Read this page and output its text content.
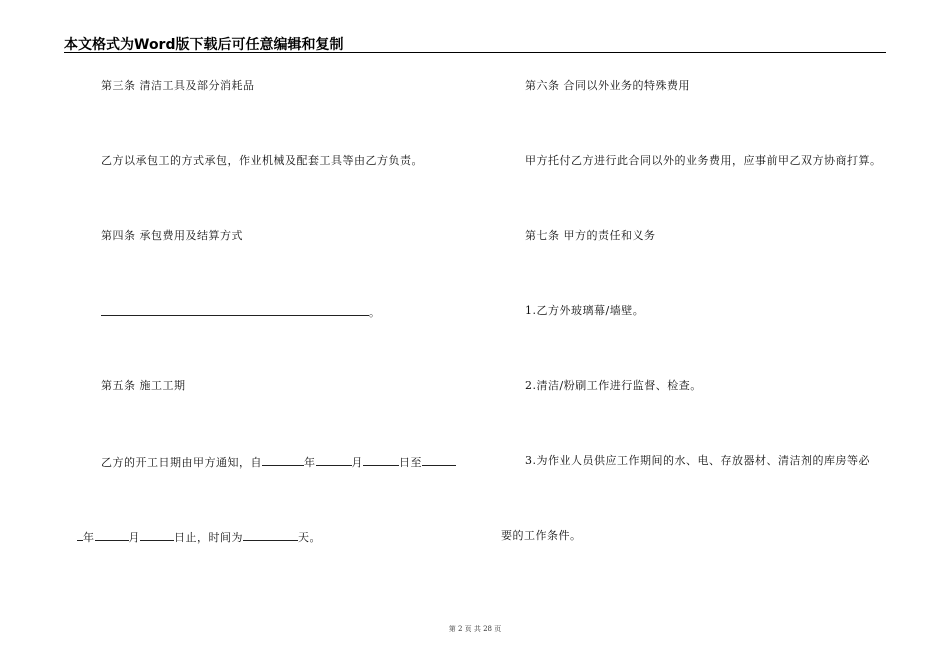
本文格式为Word版下载后可任意编辑和复制
第三条 清洁工具及部分消耗品
乙方以承包工的方式承包，作业机械及配套工具等由乙方负责。
第四条 承包费用及结算方式
。
第五条 施工工期
乙方的开工日期由甲方通知，自	年	月	日至
年	月	日止，时间为	天。
第六条 合同以外业务的特殊费用
甲方托付乙方进行此合同以外的业务费用，应事前甲乙双方协商打算。
第七条 甲方的责任和义务
1.乙方外玻璃幕/墙壁。
2.清洁/粉刷工作进行监督、检查。
3.为作业人员供应工作期间的水、电、存放器材、清洁剂的库房等必
要的工作条件。
第 2 页 共 28 页
